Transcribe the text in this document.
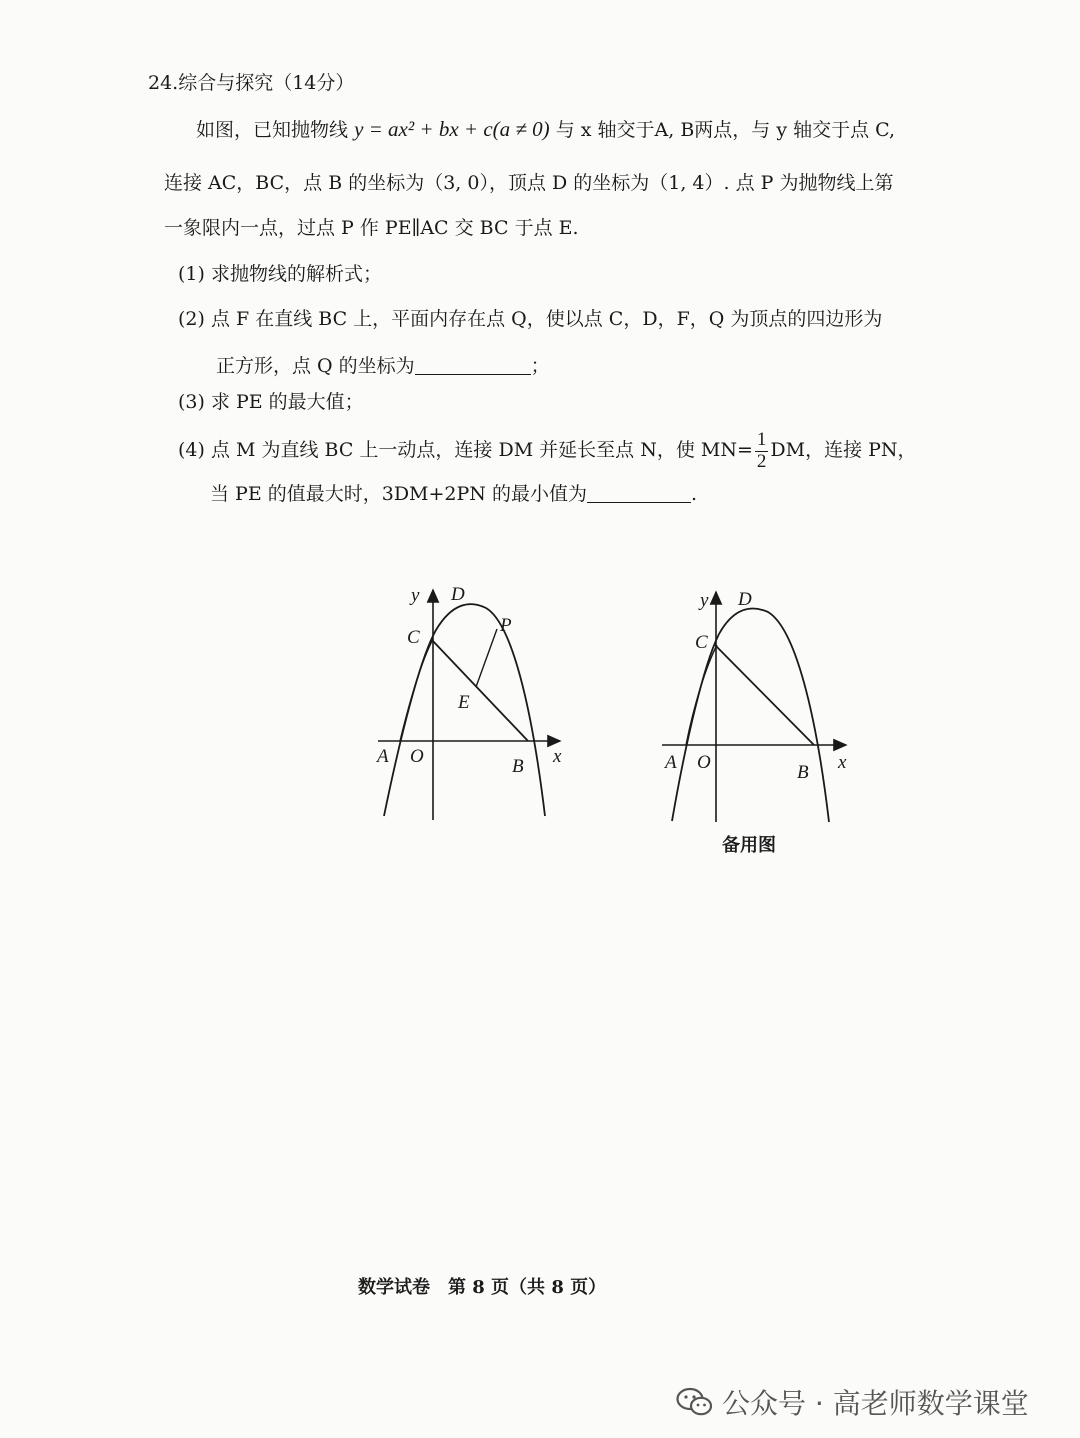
24.综合与探究（14分）
如图，已知抛物线 y = ax² + bx + c(a ≠ 0) 与 x 轴交于A, B两点，与 y 轴交于点 C,
连接 AC，BC，点 B 的坐标为（3, 0），顶点 D 的坐标为（1, 4）. 点 P 为抛物线上第
一象限内一点，过点 P 作 PE∥AC 交 BC 于点 E.
(1) 求抛物线的解析式；
(2) 点 F 在直线 BC 上，平面内存在点 Q，使以点 C，D，F，Q 为顶点的四边形为
正方形，点 Q 的坐标为	；
(3) 求 PE 的最大值；
(4) 点 M 为直线 BC 上一动点，连接 DM 并延长至点 N，使 $MN= \frac{1}{2}$ DM，连接 PN，
当 PE 的值最大时，3DM+2PN 的最小值为	.
y D
C
P
E
A O	B x
y D
C
A O	B x
备用图
数学试卷　第 8 页（共 8 页）
公众号 · 高老师数学课堂
